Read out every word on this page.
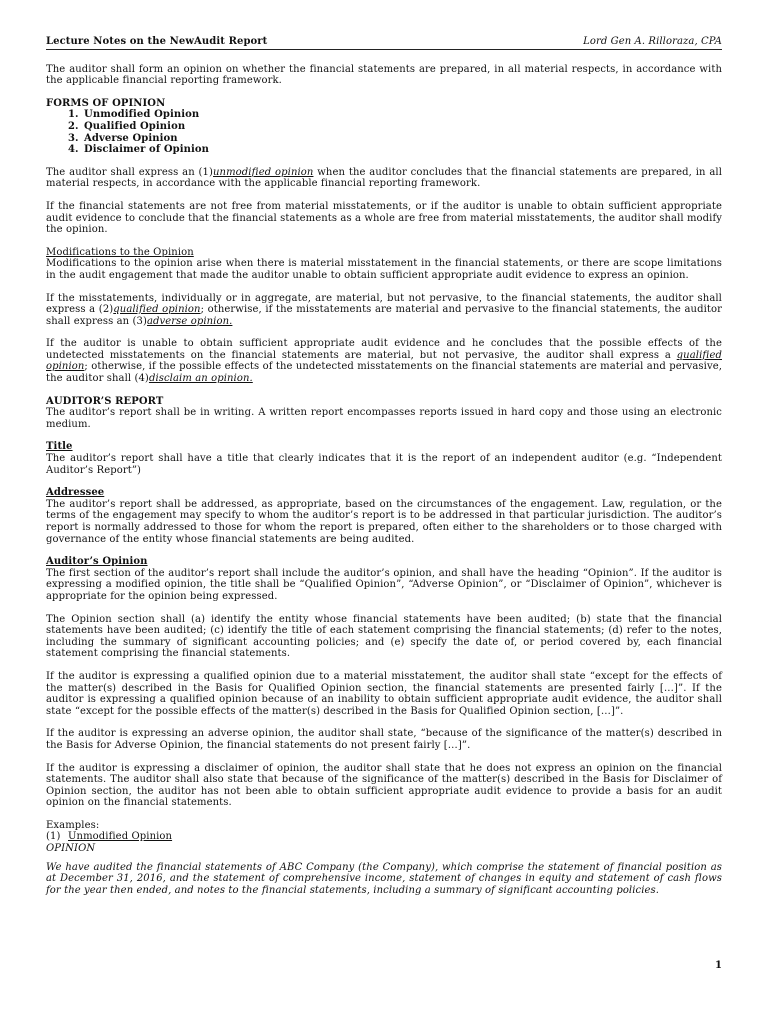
Lecture Notes on the NewAudit Report	Lord Gen A. Rilloraza, CPA

The auditor shall form an opinion on whether the financial statements are prepared, in all material respects, in accordance with the applicable financial reporting framework.

FORMS OF OPINION
1. Unmodified Opinion
2. Qualified Opinion
3. Adverse Opinion
4. Disclaimer of Opinion

The auditor shall express an (1)unmodified opinion when the auditor concludes that the financial statements are prepared, in all material respects, in accordance with the applicable financial reporting framework.

If the financial statements are not free from material misstatements, or if the auditor is unable to obtain sufficient appropriate audit evidence to conclude that the financial statements as a whole are free from material misstatements, the auditor shall modify the opinion.

Modifications to the Opinion

Modifications to the opinion arise when there is material misstatement in the financial statements, or there are scope limitations in the audit engagement that made the auditor unable to obtain sufficient appropriate audit evidence to express an opinion.

If the misstatements, individually or in aggregate, are material, but not pervasive, to the financial statements, the auditor shall express a (2)qualified opinion; otherwise, if the misstatements are material and pervasive to the financial statements, the auditor shall express an (3)adverse opinion.

If the auditor is unable to obtain sufficient appropriate audit evidence and he concludes that the possible effects of the undetected misstatements on the financial statements are material, but not pervasive, the auditor shall express a qualified opinion; otherwise, if the possible effects of the undetected misstatements on the financial statements are material and pervasive, the auditor shall (4)disclaim an opinion.

AUDITOR’S REPORT

The auditor’s report shall be in writing. A written report encompasses reports issued in hard copy and those using an electronic medium.

Title

The auditor’s report shall have a title that clearly indicates that it is the report of an independent auditor (e.g. “Independent Auditor’s Report”)

Addressee

The auditor’s report shall be addressed, as appropriate, based on the circumstances of the engagement. Law, regulation, or the terms of the engagement may specify to whom the auditor’s report is to be addressed in that particular jurisdiction. The auditor’s report is normally addressed to those for whom the report is prepared, often either to the shareholders or to those charged with governance of the entity whose financial statements are being audited.

Auditor’s Opinion

The first section of the auditor’s report shall include the auditor’s opinion, and shall have the heading “Opinion”. If the auditor is expressing a modified opinion, the title shall be “Qualified Opinion”, “Adverse Opinion”, or “Disclaimer of Opinion”, whichever is appropriate for the opinion being expressed.

The Opinion section shall (a) identify the entity whose financial statements have been audited; (b) state that the financial statements have been audited; (c) identify the title of each statement comprising the financial statements; (d) refer to the notes, including the summary of significant accounting policies; and (e) specify the date of, or period covered by, each financial statement comprising the financial statements.

If the auditor is expressing a qualified opinion due to a material misstatement, the auditor shall state “except for the effects of the matter(s) described in the Basis for Qualified Opinion section, the financial statements are presented fairly […]”. If the auditor is expressing a qualified opinion because of an inability to obtain sufficient appropriate audit evidence, the auditor shall state “except for the possible effects of the matter(s) described in the Basis for Qualified Opinion section, […]”.

If the auditor is expressing an adverse opinion, the auditor shall state, “because of the significance of the matter(s) described in the Basis for Adverse Opinion, the financial statements do not present fairly […]”.

If the auditor is expressing a disclaimer of opinion, the auditor shall state that he does not express an opinion on the financial statements. The auditor shall also state that because of the significance of the matter(s) described in the Basis for Disclaimer of Opinion section, the auditor has not been able to obtain sufficient appropriate audit evidence to provide a basis for an audit opinion on the financial statements.

Examples:
(1) Unmodified Opinion
OPINION

We have audited the financial statements of ABC Company (the Company), which comprise the statement of financial position as at December 31, 2016, and the statement of comprehensive income, statement of changes in equity and statement of cash flows for the year then ended, and notes to the financial statements, including a summary of significant accounting policies.

1
